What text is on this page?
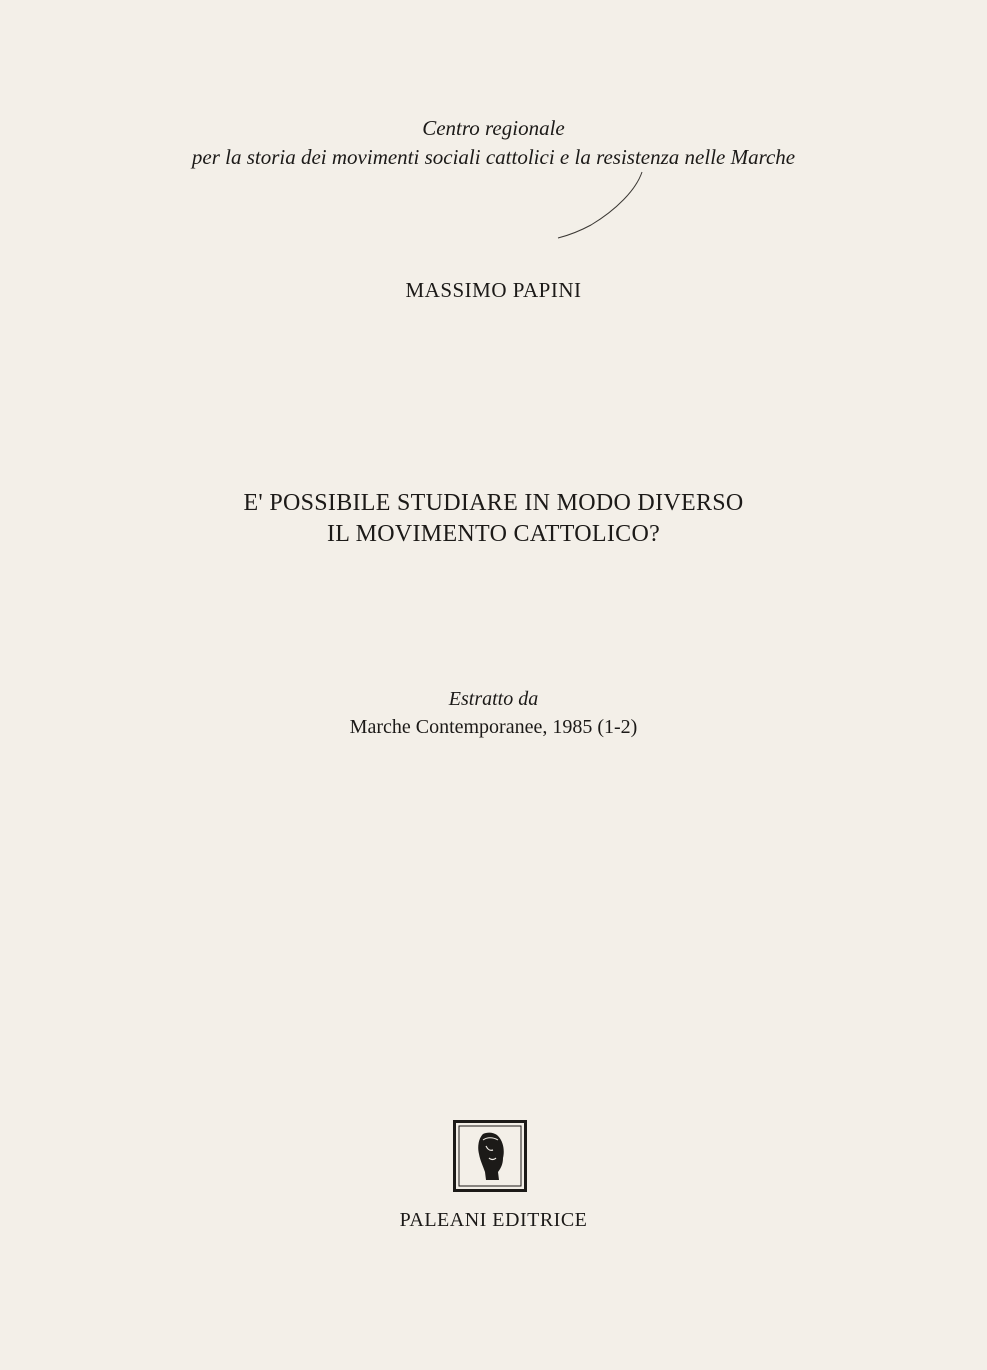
Centro regionale
per la storia dei movimenti sociali cattolici e la resistenza nelle Marche
MASSIMO PAPINI
E' POSSIBILE STUDIARE IN MODO DIVERSO
IL MOVIMENTO CATTOLICO?
Estratto da
Marche Contemporanee, 1985 (1-2)
PALEANI EDITRICE
